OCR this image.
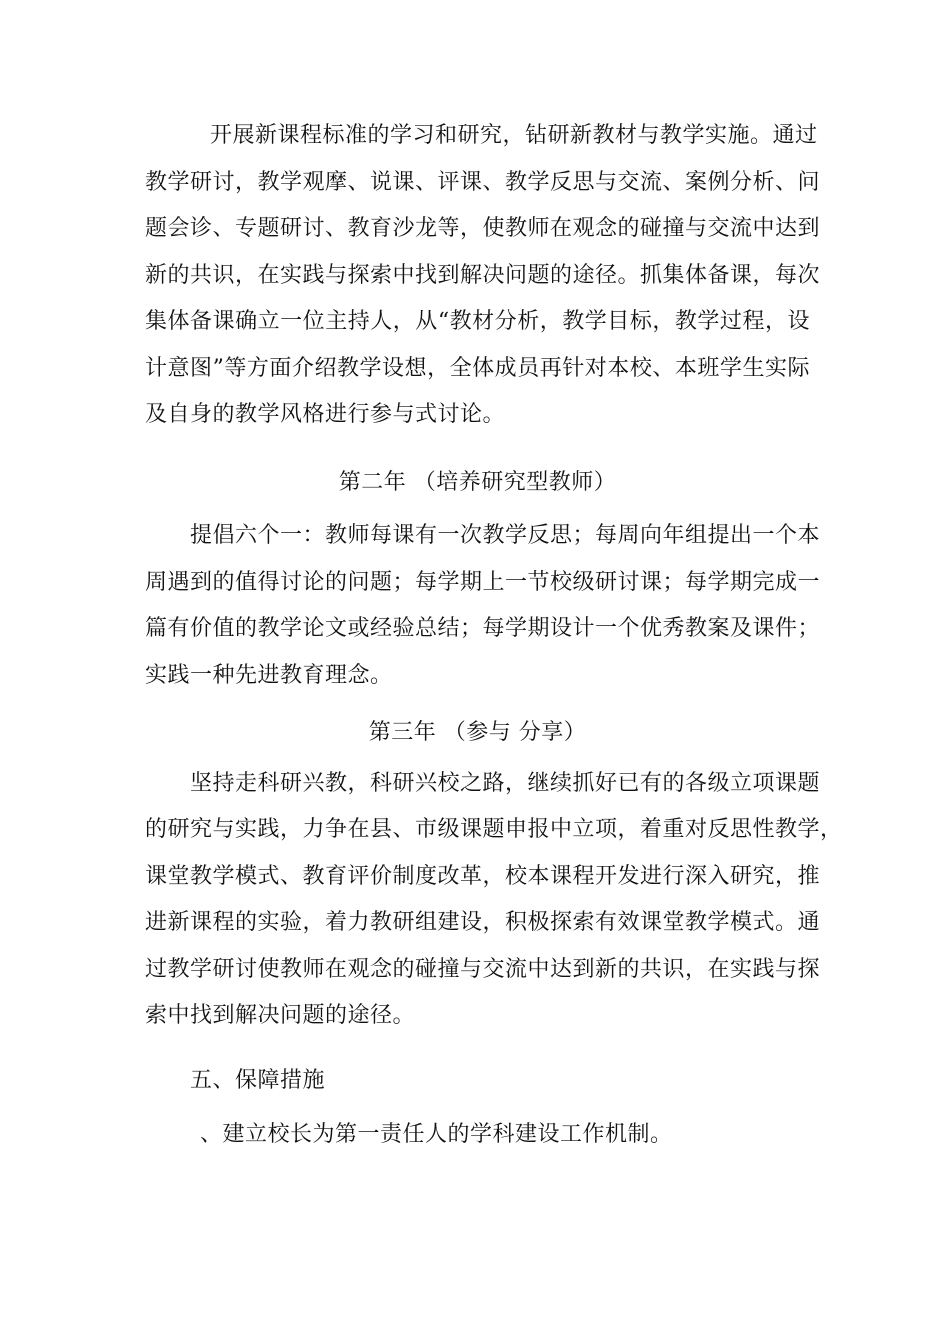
开展新课程标准的学习和研究，钻研新教材与教学实施。通过
教学研讨，教学观摩、说课、评课、教学反思与交流、案例分析、问
题会诊、专题研讨、教育沙龙等，使教师在观念的碰撞与交流中达到
新的共识，在实践与探索中找到解决问题的途径。抓集体备课，每次
集体备课确立一位主持人，从“教材分析，教学目标，教学过程，设
计意图”等方面介绍教学设想，全体成员再针对本校、本班学生实际
及自身的教学风格进行参与式讨论。
第二年 （培养研究型教师）
提倡六个一：教师每课有一次教学反思；每周向年组提出一个本
周遇到的值得讨论的问题；每学期上一节校级研讨课；每学期完成一
篇有价值的教学论文或经验总结；每学期设计一个优秀教案及课件；
实践一种先进教育理念。
第三年 （参与 分享）
坚持走科研兴教，科研兴校之路，继续抓好已有的各级立项课题
的研究与实践，力争在县、市级课题申报中立项，着重对反思性教学，
课堂教学模式、教育评价制度改革，校本课程开发进行深入研究，推
进新课程的实验，着力教研组建设，积极探索有效课堂教学模式。通
过教学研讨使教师在观念的碰撞与交流中达到新的共识，在实践与探
索中找到解决问题的途径。
五、保障措施
、建立校长为第一责任人的学科建设工作机制。
